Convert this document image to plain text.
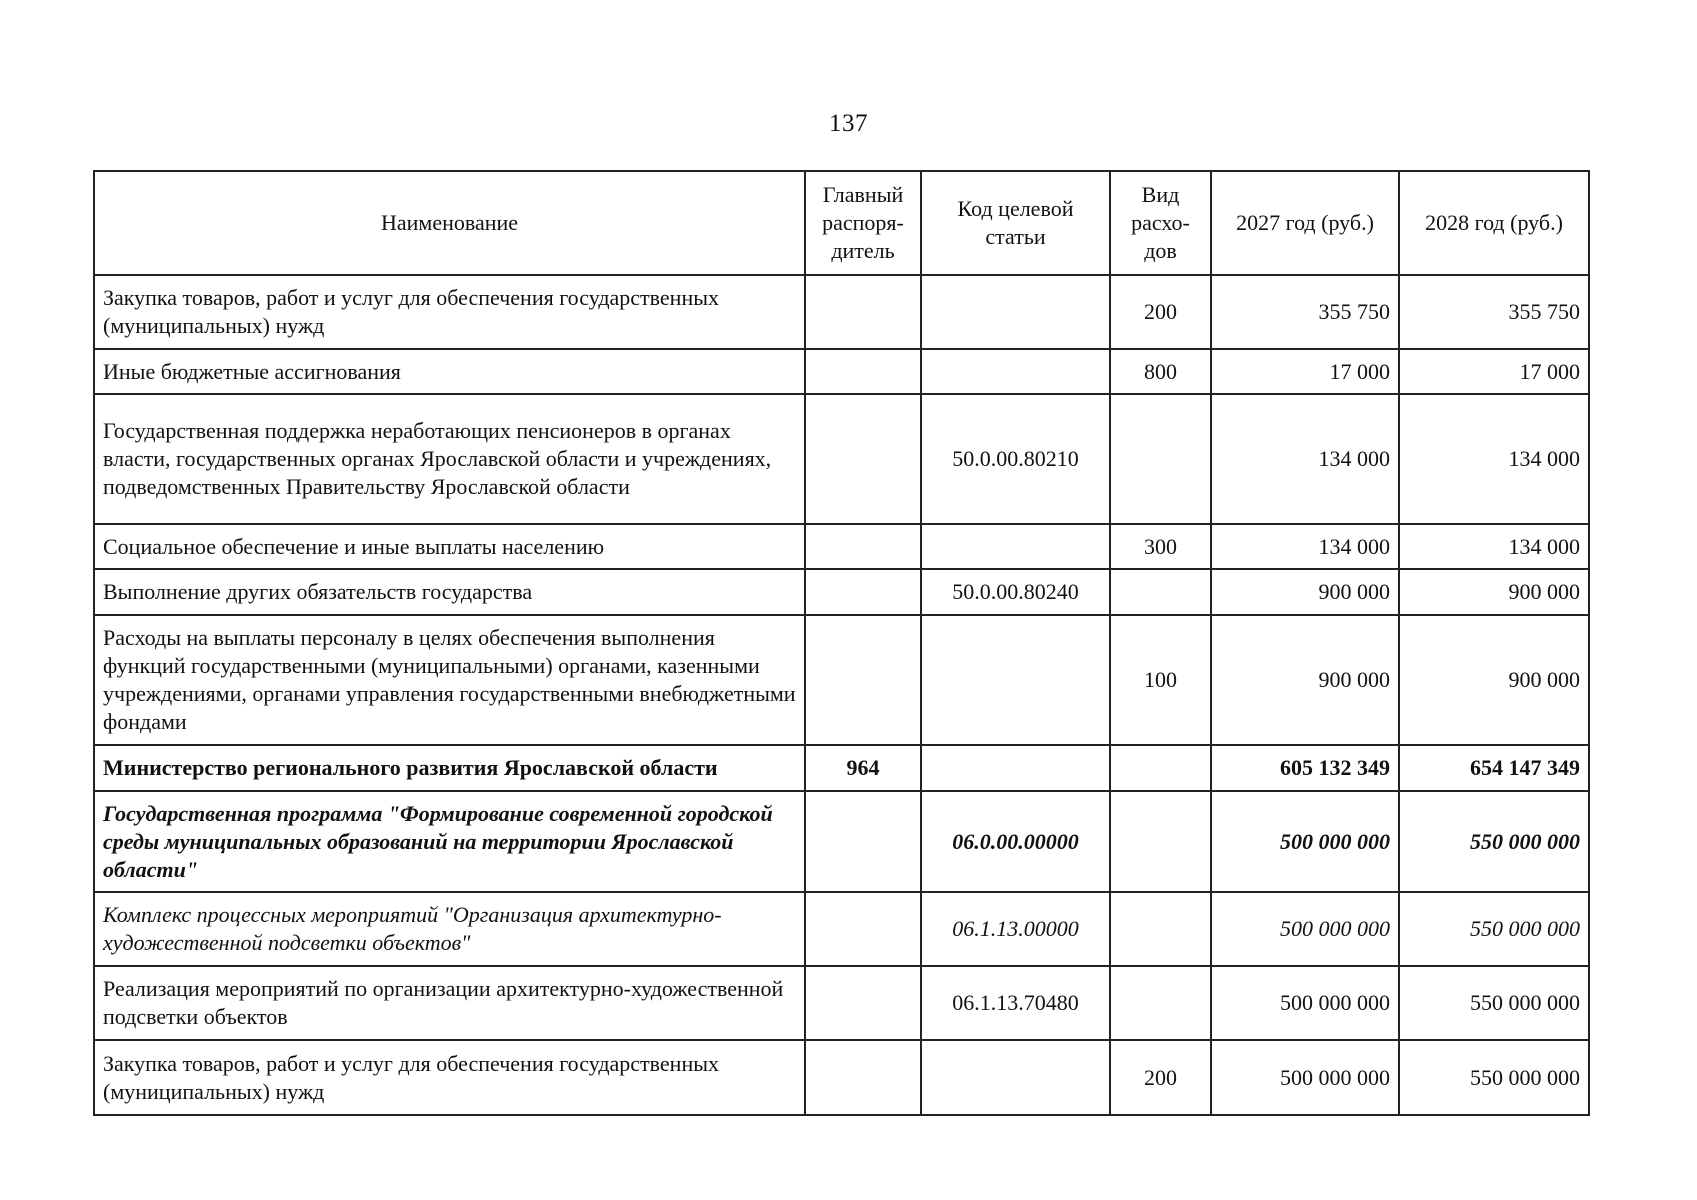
137
Наименование	Главный распоря-дитель	Код целевой статьи	Вид расхо-дов	2027 год (руб.)	2028 год (руб.)
Закупка товаров, работ и услуг для обеспечения государственных (муниципальных) нужд			200	355 750	355 750
Иные бюджетные ассигнования			800	17 000	17 000
Государственная поддержка неработающих пенсионеров в органах власти, государственных органах Ярославской области и учреждениях, подведомственных Правительству Ярославской области		50.0.00.80210		134 000	134 000
Социальное обеспечение и иные выплаты населению			300	134 000	134 000
Выполнение других обязательств государства		50.0.00.80240		900 000	900 000
Расходы на выплаты персоналу в целях обеспечения выполнения функций государственными (муниципальными) органами, казенными учреждениями, органами управления государственными внебюджетными фондами			100	900 000	900 000
Министерство регионального развития Ярославской области	964			605 132 349	654 147 349
Государственная программа "Формирование современной городской среды муниципальных образований на территории Ярославской области"		06.0.00.00000		500 000 000	550 000 000
Комплекс процессных мероприятий "Организация архитектурно-художественной подсветки объектов"		06.1.13.00000		500 000 000	550 000 000
Реализация мероприятий по организации архитектурно-художественной подсветки объектов		06.1.13.70480		500 000 000	550 000 000
Закупка товаров, работ и услуг для обеспечения государственных (муниципальных) нужд			200	500 000 000	550 000 000
